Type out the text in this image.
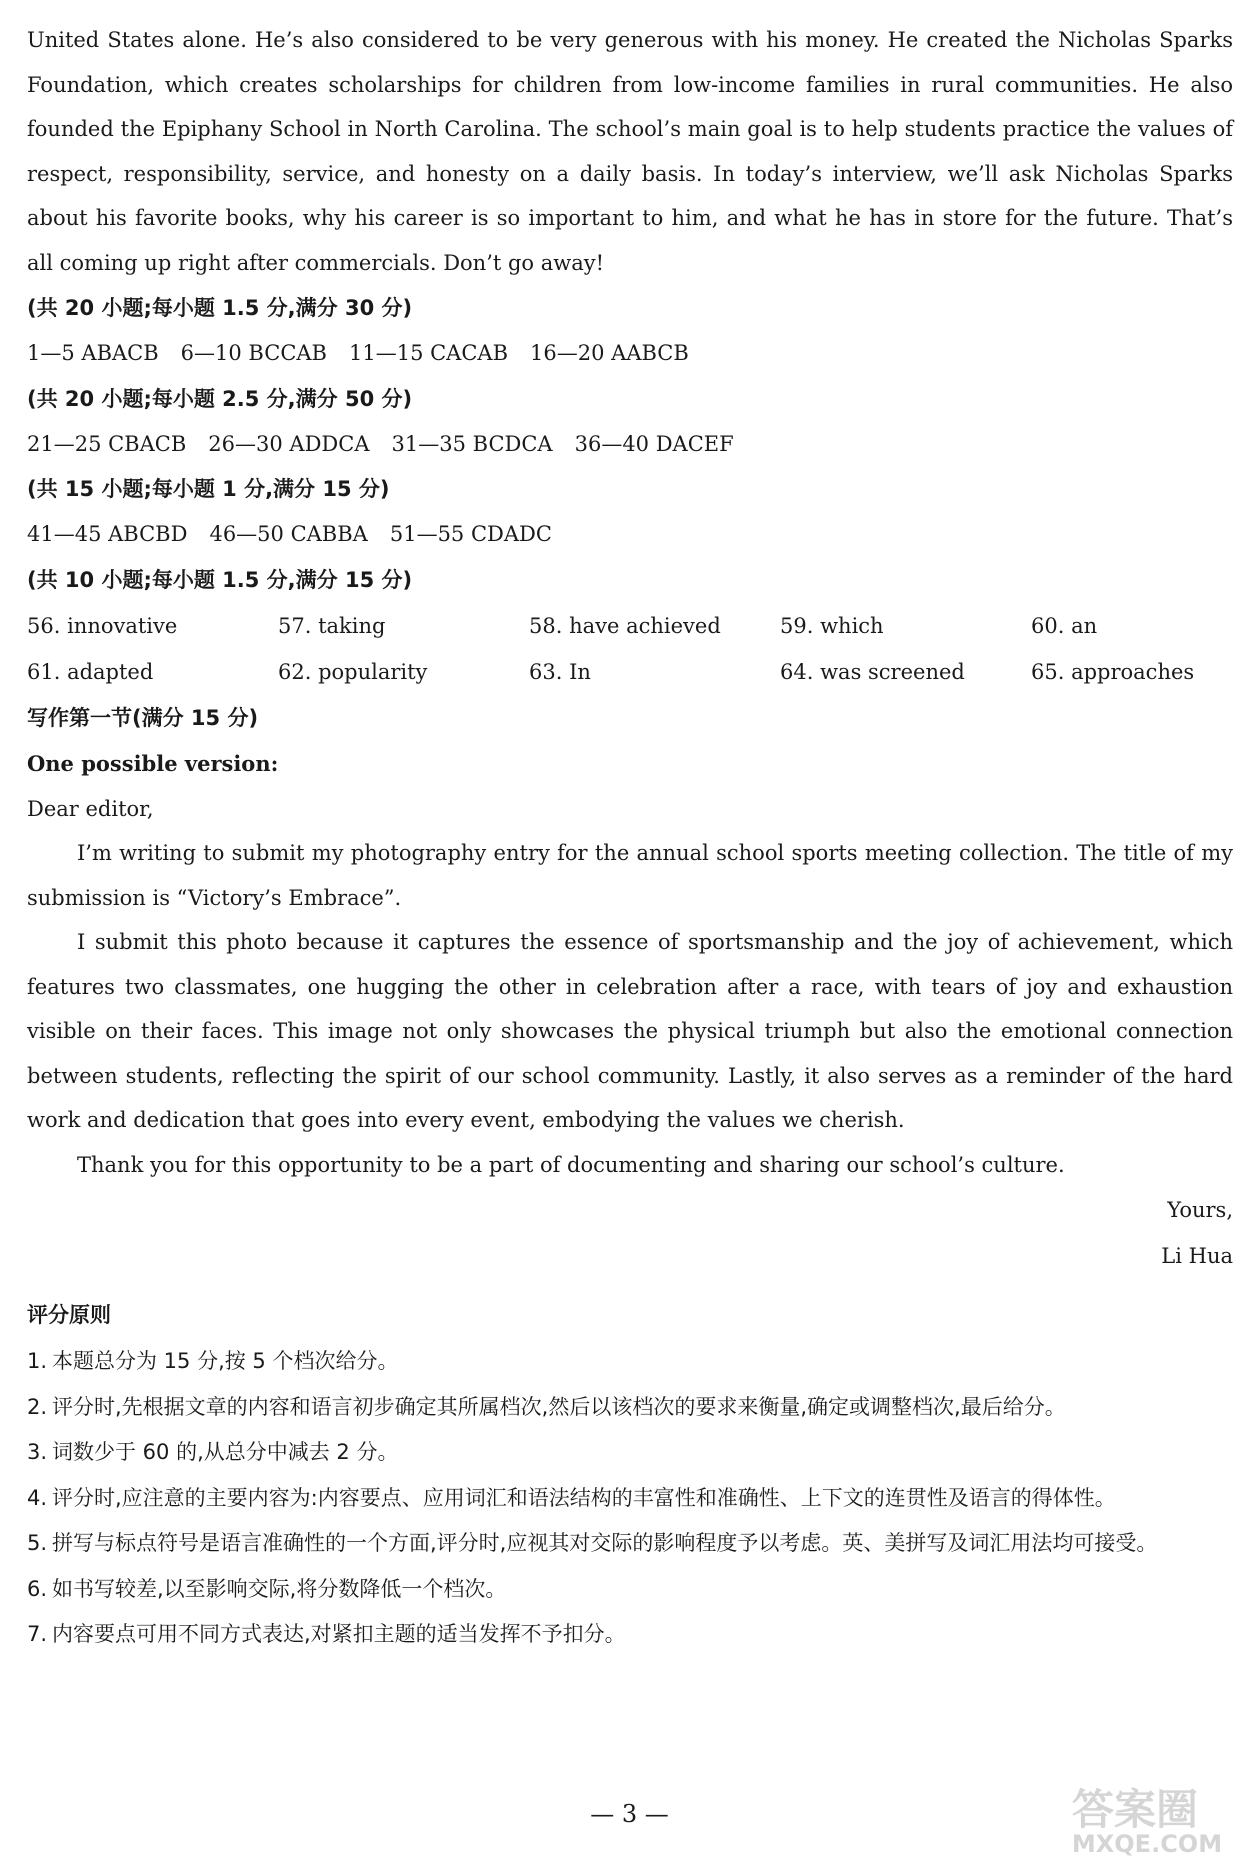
United States alone. He’s also considered to be very generous with his money. He created the Nicholas Sparks Foundation, which creates scholarships for children from low-income families in rural communities. He also founded the Epiphany School in North Carolina. The school’s main goal is to help students practice the values of respect, responsibility, service, and honesty on a daily basis. In today’s interview, we’ll ask Nicholas Sparks about his favorite books, why his career is so important to him, and what he has in store for the future. That’s all coming up right after commercials. Don’t go away!

(共 20 小题;每小题 1.5 分,满分 30 分)

1—5 ABACB 6—10 BCCAB 11—15 CACAB 16—20 AABCB

(共 20 小题;每小题 2.5 分,满分 50 分)

21—25 CBACB 26—30 ADDCA 31—35 BCDCA 36—40 DACEF

(共 15 小题;每小题 1 分,满分 15 分)

41—45 ABCBD 46—50 CABBA 51—55 CDADC

(共 10 小题;每小题 1.5 分,满分 15 分)

56. innovative	57. taking	58. have achieved	59. which	60. an
61. adapted	62. popularity	63. In	64. was screened	65. approaches

写作第一节(满分 15 分)

One possible version:

Dear editor,

I’m writing to submit my photography entry for the annual school sports meeting collection. The title of my submission is “Victory’s Embrace”.

I submit this photo because it captures the essence of sportsmanship and the joy of achievement, which features two classmates, one hugging the other in celebration after a race, with tears of joy and exhaustion visible on their faces. This image not only showcases the physical triumph but also the emotional connection between students, reflecting the spirit of our school community. Lastly, it also serves as a reminder of the hard work and dedication that goes into every event, embodying the values we cherish.

Thank you for this opportunity to be a part of documenting and sharing our school’s culture.

Yours,

Li Hua

评分原则

1. 本题总分为 15 分,按 5 个档次给分。
2. 评分时,先根据文章的内容和语言初步确定其所属档次,然后以该档次的要求来衡量,确定或调整档次,最后给分。
3. 词数少于 60 的,从总分中减去 2 分。
4. 评分时,应注意的主要内容为:内容要点、应用词汇和语法结构的丰富性和准确性、上下文的连贯性及语言的得体性。
5. 拼写与标点符号是语言准确性的一个方面,评分时,应视其对交际的影响程度予以考虑。英、美拼写及词汇用法均可接受。
6. 如书写较差,以至影响交际,将分数降低一个档次。
7. 内容要点可用不同方式表达,对紧扣主题的适当发挥不予扣分。
— 3 —	答案圈
MXQE.COM
